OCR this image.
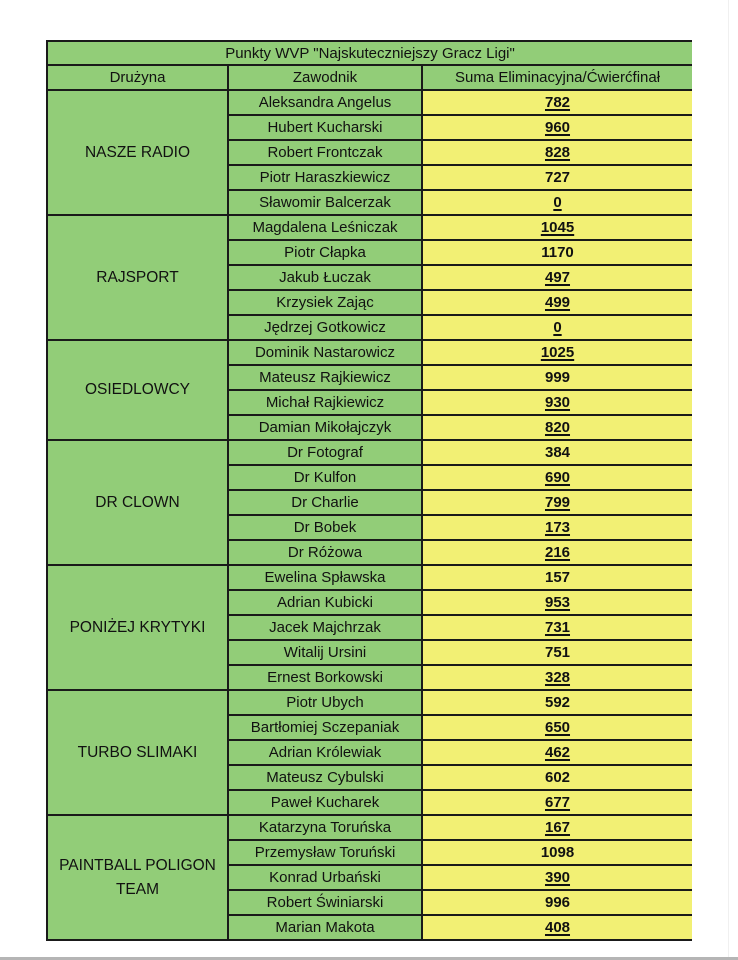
Punkty WVP "Najskuteczniejszy Gracz Ligi"		
Drużyna	Zawodnik	Suma Eliminacyjna/Ćwierćfinał
NASZE RADIO	Aleksandra Angelus	782
	Hubert Kucharski	960
	Robert Frontczak	828
	Piotr Haraszkiewicz	727
	Sławomir Balcerzak	0
RAJSPORT	Magdalena Leśniczak	1045
	Piotr Cłapka	1170
	Jakub Łuczak	497
	Krzysiek Zając	499
	Jędrzej Gotkowicz	0
OSIEDLOWCY	Dominik Nastarowicz	1025
	Mateusz Rajkiewicz	999
	Michał Rajkiewicz	930
	Damian Mikołajczyk	820
DR CLOWN	Dr Fotograf	384
	Dr Kulfon	690
	Dr Charlie	799
	Dr Bobek	173
	Dr Różowa	216
PONIŻEJ KRYTYKI	Ewelina Spławska	157
	Adrian Kubicki	953
	Jacek Majchrzak	731
	Witalij Ursini	751
	Ernest Borkowski	328
TURBO SLIMAKI	Piotr Ubych	592
	Bartłomiej Sczepaniak	650
	Adrian Królewiak	462
	Mateusz Cybulski	602
	Paweł Kucharek	677
PAINTBALL POLIGON TEAM	Katarzyna Toruńska	167
	Przemysław Toruński	1098
	Konrad Urbański	390
	Robert Świniarski	996
	Marian Makota	408
